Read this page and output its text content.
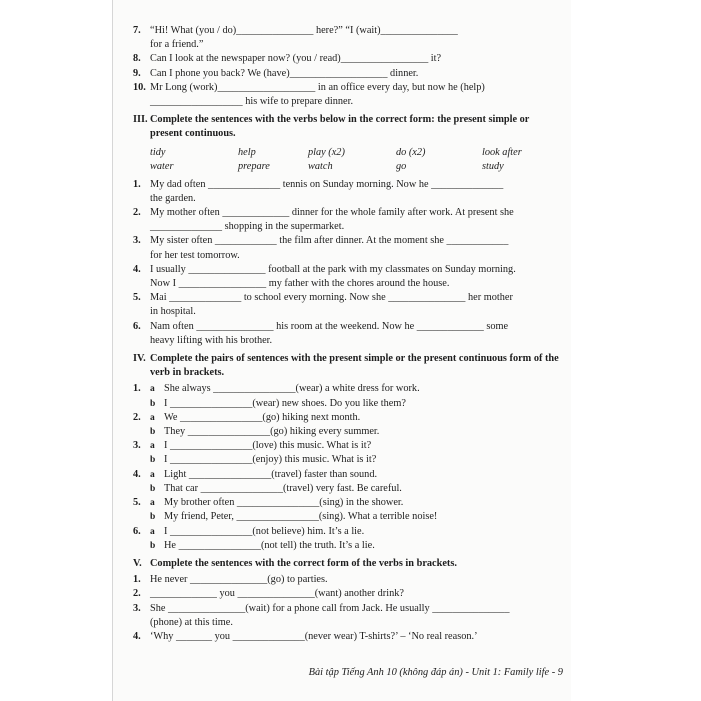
7. “Hi! What (you / do)_______________ here?” “I (wait)_______________
for a friend.”
8. Can I look at the newspaper now? (you / read)_________________ it?
9. Can I phone you back? We (have)___________________ dinner.
10. Mr Long (work)___________________ in an office every day, but now he (help)
__________________ his wife to prepare dinner.
III. Complete the sentences with the verbs below in the correct form: the present simple or present continuous.
tidy	help	play (x2)	do (x2)	look after
water	prepare	watch	go	study
1. My dad often ______________ tennis on Sunday morning. Now he ______________
the garden.
2. My mother often _____________ dinner for the whole family after work. At present she
______________ shopping in the supermarket.
3. My sister often ____________ the film after dinner. At the moment she ____________
for her test tomorrow.
4. I usually _______________ football at the park with my classmates on Sunday morning.
Now I _________________ my father with the chores around the house.
5. Mai ______________ to school every morning. Now she _______________ her mother
in hospital.
6. Nam often _______________ his room at the weekend. Now he _____________ some
heavy lifting with his brother.
IV. Complete the pairs of sentences with the present simple or the present continuous form of the verb in brackets.
1. a She always ________________(wear) a white dress for work.
b I ________________(wear) new shoes. Do you like them?
2. a We ________________(go) hiking next month.
b They ________________(go) hiking every summer.
3. a I ________________(love) this music. What is it?
b I ________________(enjoy) this music. What is it?
4. a Light ________________(travel) faster than sound.
b That car ________________(travel) very fast. Be careful.
5. a My brother often ________________(sing) in the shower.
b My friend, Peter, ________________(sing). What a terrible noise!
6. a I ________________(not believe) him. It’s a lie.
b He ________________(not tell) the truth. It’s a lie.
V. Complete the sentences with the correct form of the verbs in brackets.
1. He never _______________(go) to parties.
2. _____________ you _______________(want) another drink?
3. She _______________(wait) for a phone call from Jack. He usually _______________
(phone) at this time.
4. ‘Why _______ you ______________(never wear) T-shirts?’ – ‘No real reason.’
Bài tập Tiếng Anh 10 (không đáp án) - Unit 1: Family life - 9
